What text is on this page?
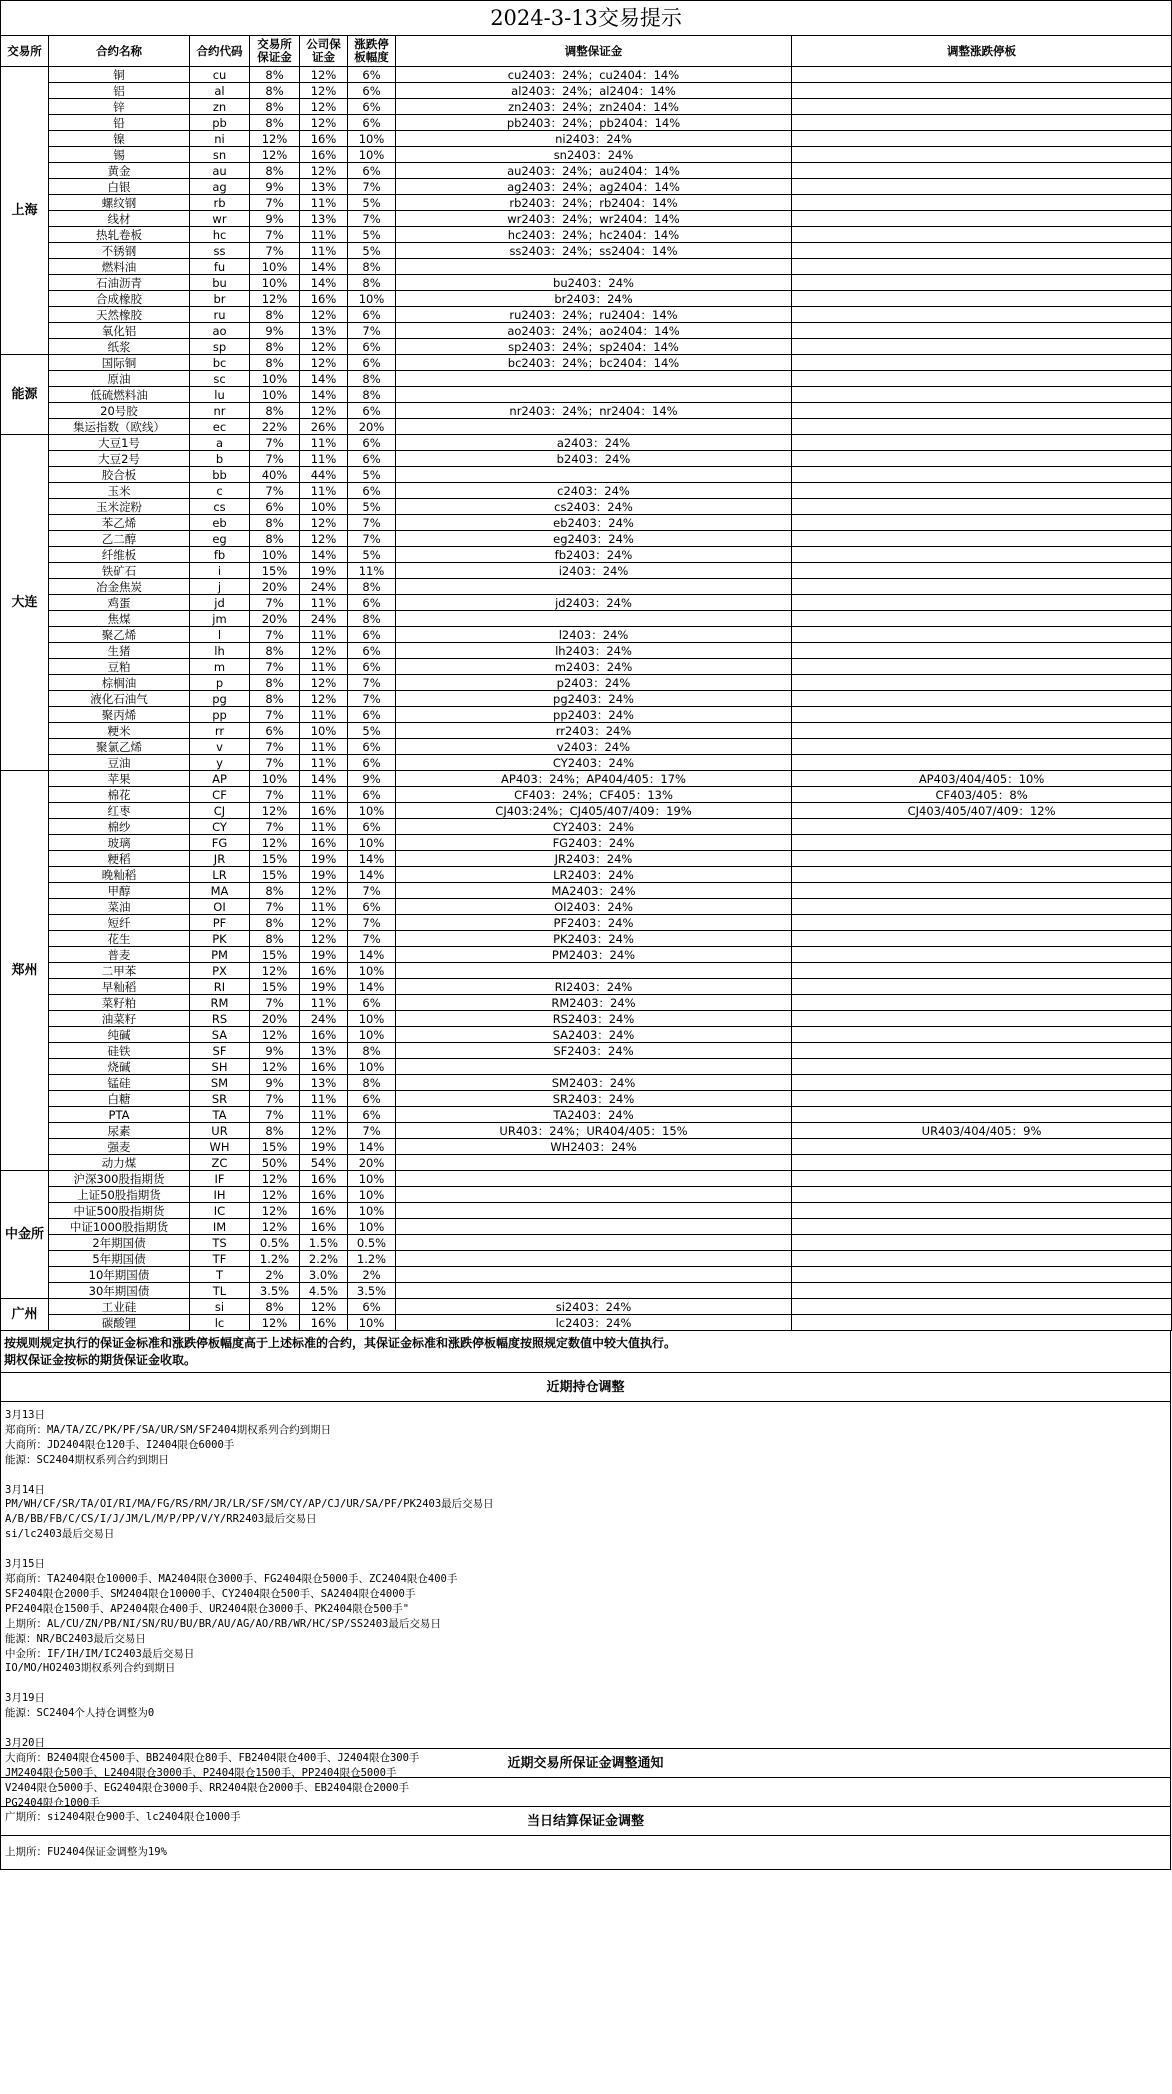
2024-3-13交易提示							
交易所	合约名称	合约代码	交易所保证金	公司保证金	涨跌停板幅度	调整保证金	调整涨跌停板
上海	铜	cu	8%	12%	6%	cu2403：24%；cu2404：14%	
	铝	al	8%	12%	6%	al2403：24%；al2404：14%	
	锌	zn	8%	12%	6%	zn2403：24%；zn2404：14%	
	铅	pb	8%	12%	6%	pb2403：24%；pb2404：14%	
	镍	ni	12%	16%	10%	ni2403：24%	
	锡	sn	12%	16%	10%	sn2403：24%	
	黄金	au	8%	12%	6%	au2403：24%；au2404：14%	
	白银	ag	9%	13%	7%	ag2403：24%；ag2404：14%	
	螺纹钢	rb	7%	11%	5%	rb2403：24%；rb2404：14%	
	线材	wr	9%	13%	7%	wr2403：24%；wr2404：14%	
	热轧卷板	hc	7%	11%	5%	hc2403：24%；hc2404：14%	
	不锈钢	ss	7%	11%	5%	ss2403：24%；ss2404：14%	
	燃料油	fu	10%	14%	8%		
	石油沥青	bu	10%	14%	8%	bu2403：24%	
	合成橡胶	br	12%	16%	10%	br2403：24%	
	天然橡胶	ru	8%	12%	6%	ru2403：24%；ru2404：14%	
	氧化铝	ao	9%	13%	7%	ao2403：24%；ao2404：14%	
	纸浆	sp	8%	12%	6%	sp2403：24%；sp2404：14%	
能源	国际铜	bc	8%	12%	6%	bc2403：24%；bc2404：14%	
	原油	sc	10%	14%	8%		
	低硫燃料油	lu	10%	14%	8%		
	20号胶	nr	8%	12%	6%	nr2403：24%；nr2404：14%	
	集运指数（欧线）	ec	22%	26%	20%		
大连	大豆1号	a	7%	11%	6%	a2403：24%	
	大豆2号	b	7%	11%	6%	b2403：24%	
	胶合板	bb	40%	44%	5%		
	玉米	c	7%	11%	6%	c2403：24%	
	玉米淀粉	cs	6%	10%	5%	cs2403：24%	
	苯乙烯	eb	8%	12%	7%	eb2403：24%	
	乙二醇	eg	8%	12%	7%	eg2403：24%	
	纤维板	fb	10%	14%	5%	fb2403：24%	
	铁矿石	i	15%	19%	11%	i2403：24%	
	冶金焦炭	j	20%	24%	8%		
	鸡蛋	jd	7%	11%	6%	jd2403：24%	
	焦煤	jm	20%	24%	8%		
	聚乙烯	l	7%	11%	6%	l2403：24%	
	生猪	lh	8%	12%	6%	lh2403：24%	
	豆粕	m	7%	11%	6%	m2403：24%	
	棕榈油	p	8%	12%	7%	p2403：24%	
	液化石油气	pg	8%	12%	7%	pg2403：24%	
	聚丙烯	pp	7%	11%	6%	pp2403：24%	
	粳米	rr	6%	10%	5%	rr2403：24%	
	聚氯乙烯	v	7%	11%	6%	v2403：24%	
	豆油	y	7%	11%	6%	CY2403：24%	
郑州	苹果	AP	10%	14%	9%	AP403：24%；AP404/405：17%	AP403/404/405：10%
	棉花	CF	7%	11%	6%	CF403：24%；CF405：13%	CF403/405：8%
	红枣	CJ	12%	16%	10%	CJ403:24%；CJ405/407/409：19%	CJ403/405/407/409：12%
	棉纱	CY	7%	11%	6%	CY2403：24%	
	玻璃	FG	12%	16%	10%	FG2403：24%	
	粳稻	JR	15%	19%	14%	JR2403：24%	
	晚籼稻	LR	15%	19%	14%	LR2403：24%	
	甲醇	MA	8%	12%	7%	MA2403：24%	
	菜油	OI	7%	11%	6%	OI2403：24%	
	短纤	PF	8%	12%	7%	PF2403：24%	
	花生	PK	8%	12%	7%	PK2403：24%	
	普麦	PM	15%	19%	14%	PM2403：24%	
	二甲苯	PX	12%	16%	10%		
	早籼稻	RI	15%	19%	14%	RI2403：24%	
	菜籽粕	RM	7%	11%	6%	RM2403：24%	
	油菜籽	RS	20%	24%	10%	RS2403：24%	
	纯碱	SA	12%	16%	10%	SA2403：24%	
	硅铁	SF	9%	13%	8%	SF2403：24%	
	烧碱	SH	12%	16%	10%		
	锰硅	SM	9%	13%	8%	SM2403：24%	
	白糖	SR	7%	11%	6%	SR2403：24%	
	PTA	TA	7%	11%	6%	TA2403：24%	
	尿素	UR	8%	12%	7%	UR403：24%；UR404/405：15%	UR403/404/405：9%
	强麦	WH	15%	19%	14%	WH2403：24%	
	动力煤	ZC	50%	54%	20%		
中金所	沪深300股指期货	IF	12%	16%	10%		
	上证50股指期货	IH	12%	16%	10%		
	中证500股指期货	IC	12%	16%	10%		
	中证1000股指期货	IM	12%	16%	10%		
	2年期国债	TS	0.5%	1.5%	0.5%		
	5年期国债	TF	1.2%	2.2%	1.2%		
	10年期国债	T	2%	3.0%	2%		
	30年期国债	TL	3.5%	4.5%	3.5%		
广州	工业硅	si	8%	12%	6%	si2403：24%	
	碳酸锂	lc	12%	16%	10%	lc2403：24%	
按规则规定执行的保证金标准和涨跌停板幅度高于上述标准的合约，其保证金标准和涨跌停板幅度按照规定数值中较大值执行。
期权保证金按标的期货保证金收取。
近期持仓调整
3月13日
郑商所：MA/TA/ZC/PK/PF/SA/UR/SM/SF2404期权系列合约到期日
大商所：JD2404限仓120手、I2404限仓6000手
能源：SC2404期权系列合约到期日

3月14日
PM/WH/CF/SR/TA/OI/RI/MA/FG/RS/RM/JR/LR/SF/SM/CY/AP/CJ/UR/SA/PF/PK2403最后交易日
A/B/BB/FB/C/CS/I/J/JM/L/M/P/PP/V/Y/RR2403最后交易日
si/lc2403最后交易日

3月15日
郑商所：TA2404限仓10000手、MA2404限仓3000手、FG2404限仓5000手、ZC2404限仓400手
SF2404限仓2000手、SM2404限仓10000手、CY2404限仓500手、SA2404限仓4000手
PF2404限仓1500手、AP2404限仓400手、UR2404限仓3000手、PK2404限仓500手"
上期所：AL/CU/ZN/PB/NI/SN/RU/BU/BR/AU/AG/AO/RB/WR/HC/SP/SS2403最后交易日
能源：NR/BC2403最后交易日
中金所：IF/IH/IM/IC2403最后交易日
IO/MO/HO2403期权系列合约到期日

3月19日
能源：SC2404个人持仓调整为0

3月20日
大商所：B2404限仓4500手、BB2404限仓80手、FB2404限仓400手、J2404限仓300手
JM2404限仓500手、L2404限仓3000手、P2404限仓1500手、PP2404限仓5000手
V2404限仓5000手、EG2404限仓3000手、RR2404限仓2000手、EB2404限仓2000手
PG2404限仓1000手
广期所：si2404限仓900手、lc2404限仓1000手
近期交易所保证金调整通知
当日结算保证金调整
上期所：FU2404保证金调整为19%
